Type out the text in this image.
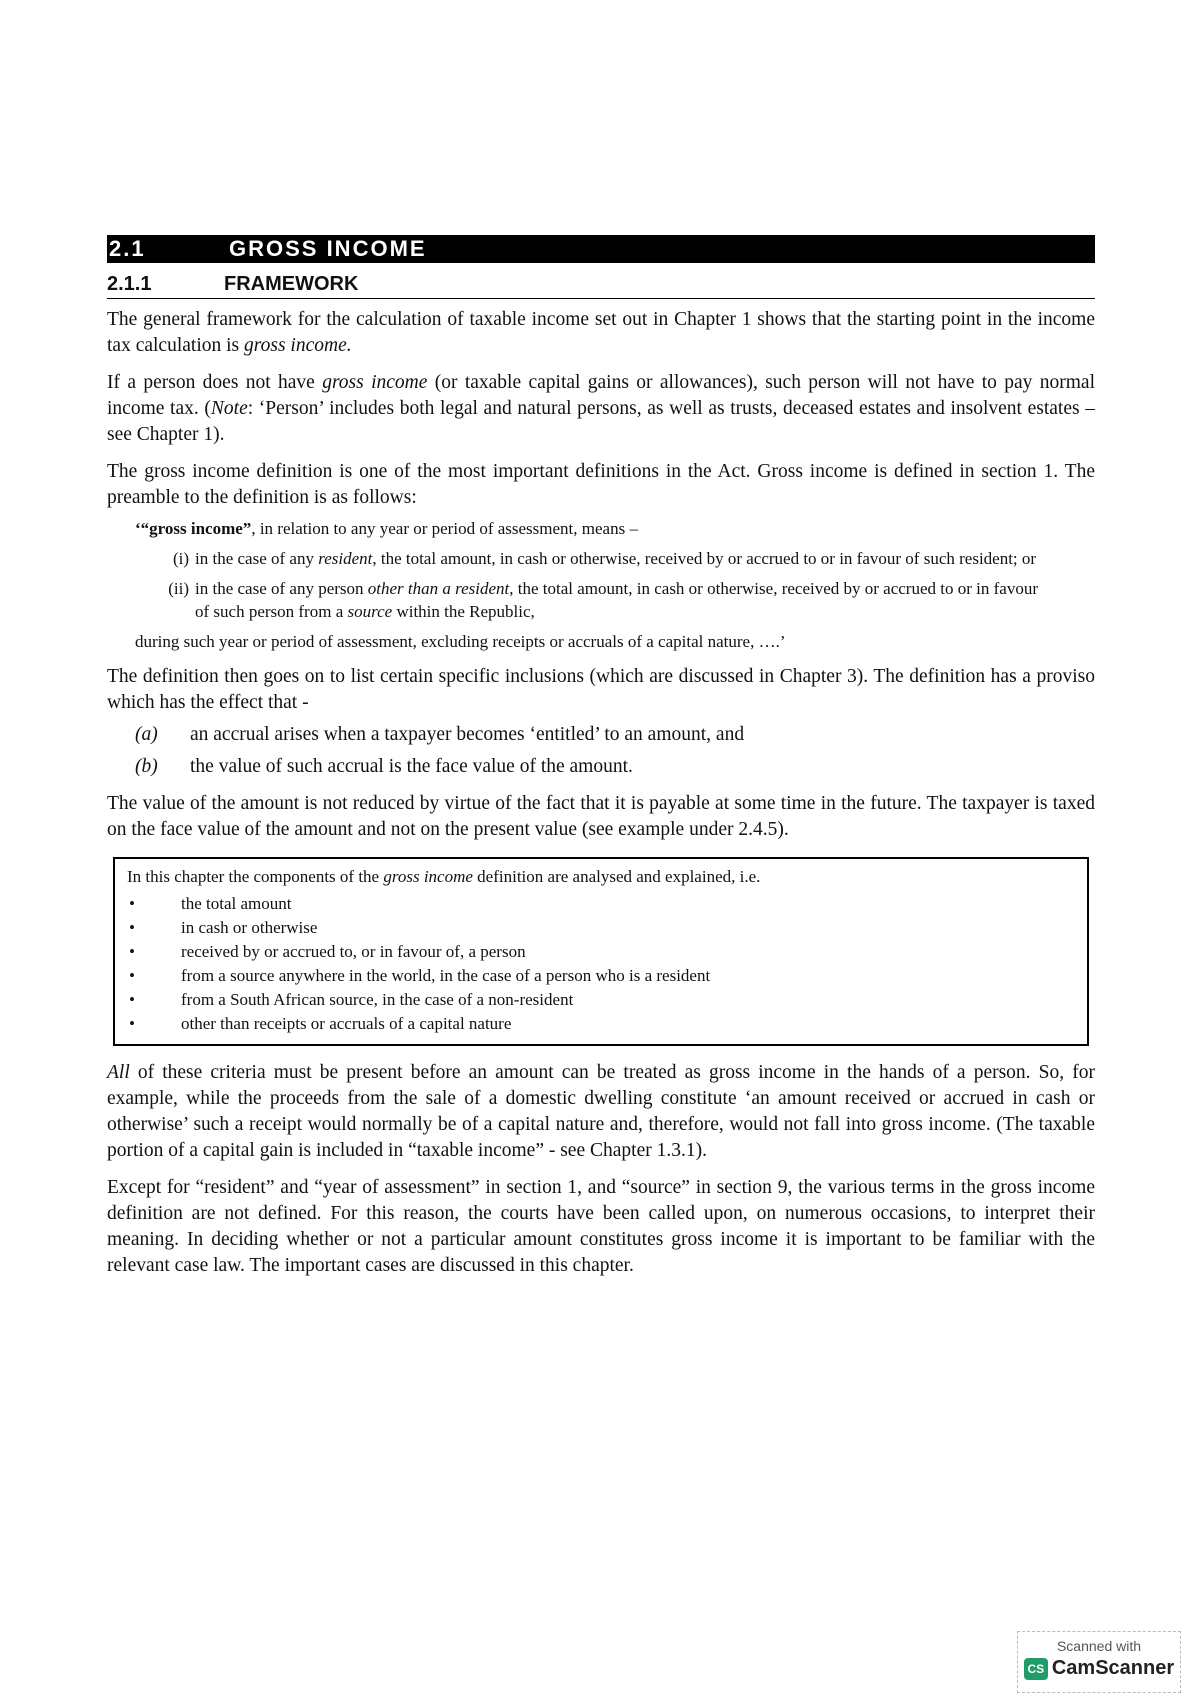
2.1	GROSS INCOME
2.1.1	FRAMEWORK

The general framework for the calculation of taxable income set out in Chapter 1 shows that the starting point in the income tax calculation is gross income.

If a person does not have gross income (or taxable capital gains or allowances), such person will not have to pay normal income tax. (Note: ‘Person’ includes both legal and natural persons, as well as trusts, deceased estates and insolvent estates – see Chapter 1).

The gross income definition is one of the most important definitions in the Act. Gross income is defined in section 1. The preamble to the definition is as follows:

‘“gross income”, in relation to any year or period of assessment, means –
(i) in the case of any resident, the total amount, in cash or otherwise, received by or accrued to or in favour of such resident; or
(ii) in the case of any person other than a resident, the total amount, in cash or otherwise, received by or accrued to or in favour of such person from a source within the Republic,
during such year or period of assessment, excluding receipts or accruals of a capital nature, ….’

The definition then goes on to list certain specific inclusions (which are discussed in Chapter 3). The definition has a proviso which has the effect that -

(a)	an accrual arises when a taxpayer becomes ‘entitled’ to an amount, and
(b)	the value of such accrual is the face value of the amount.

The value of the amount is not reduced by virtue of the fact that it is payable at some time in the future. The taxpayer is taxed on the face value of the amount and not on the present value (see example under 2.4.5).

In this chapter the components of the gross income definition are analysed and explained, i.e.
•	the total amount
•	in cash or otherwise
•	received by or accrued to, or in favour of, a person
•	from a source anywhere in the world, in the case of a person who is a resident
•	from a South African source, in the case of a non-resident
•	other than receipts or accruals of a capital nature

All of these criteria must be present before an amount can be treated as gross income in the hands of a person. So, for example, while the proceeds from the sale of a domestic dwelling constitute ‘an amount received or accrued in cash or otherwise’ such a receipt would normally be of a capital nature and, therefore, would not fall into gross income. (The taxable portion of a capital gain is included in “taxable income” - see Chapter 1.3.1).

Except for “resident” and “year of assessment” in section 1, and “source” in section 9, the various terms in the gross income definition are not defined. For this reason, the courts have been called upon, on numerous occasions, to interpret their meaning. In deciding whether or not a particular amount constitutes gross income it is important to be familiar with the relevant case law. The important cases are discussed in this chapter.

Scanned with
CS CamScanner
